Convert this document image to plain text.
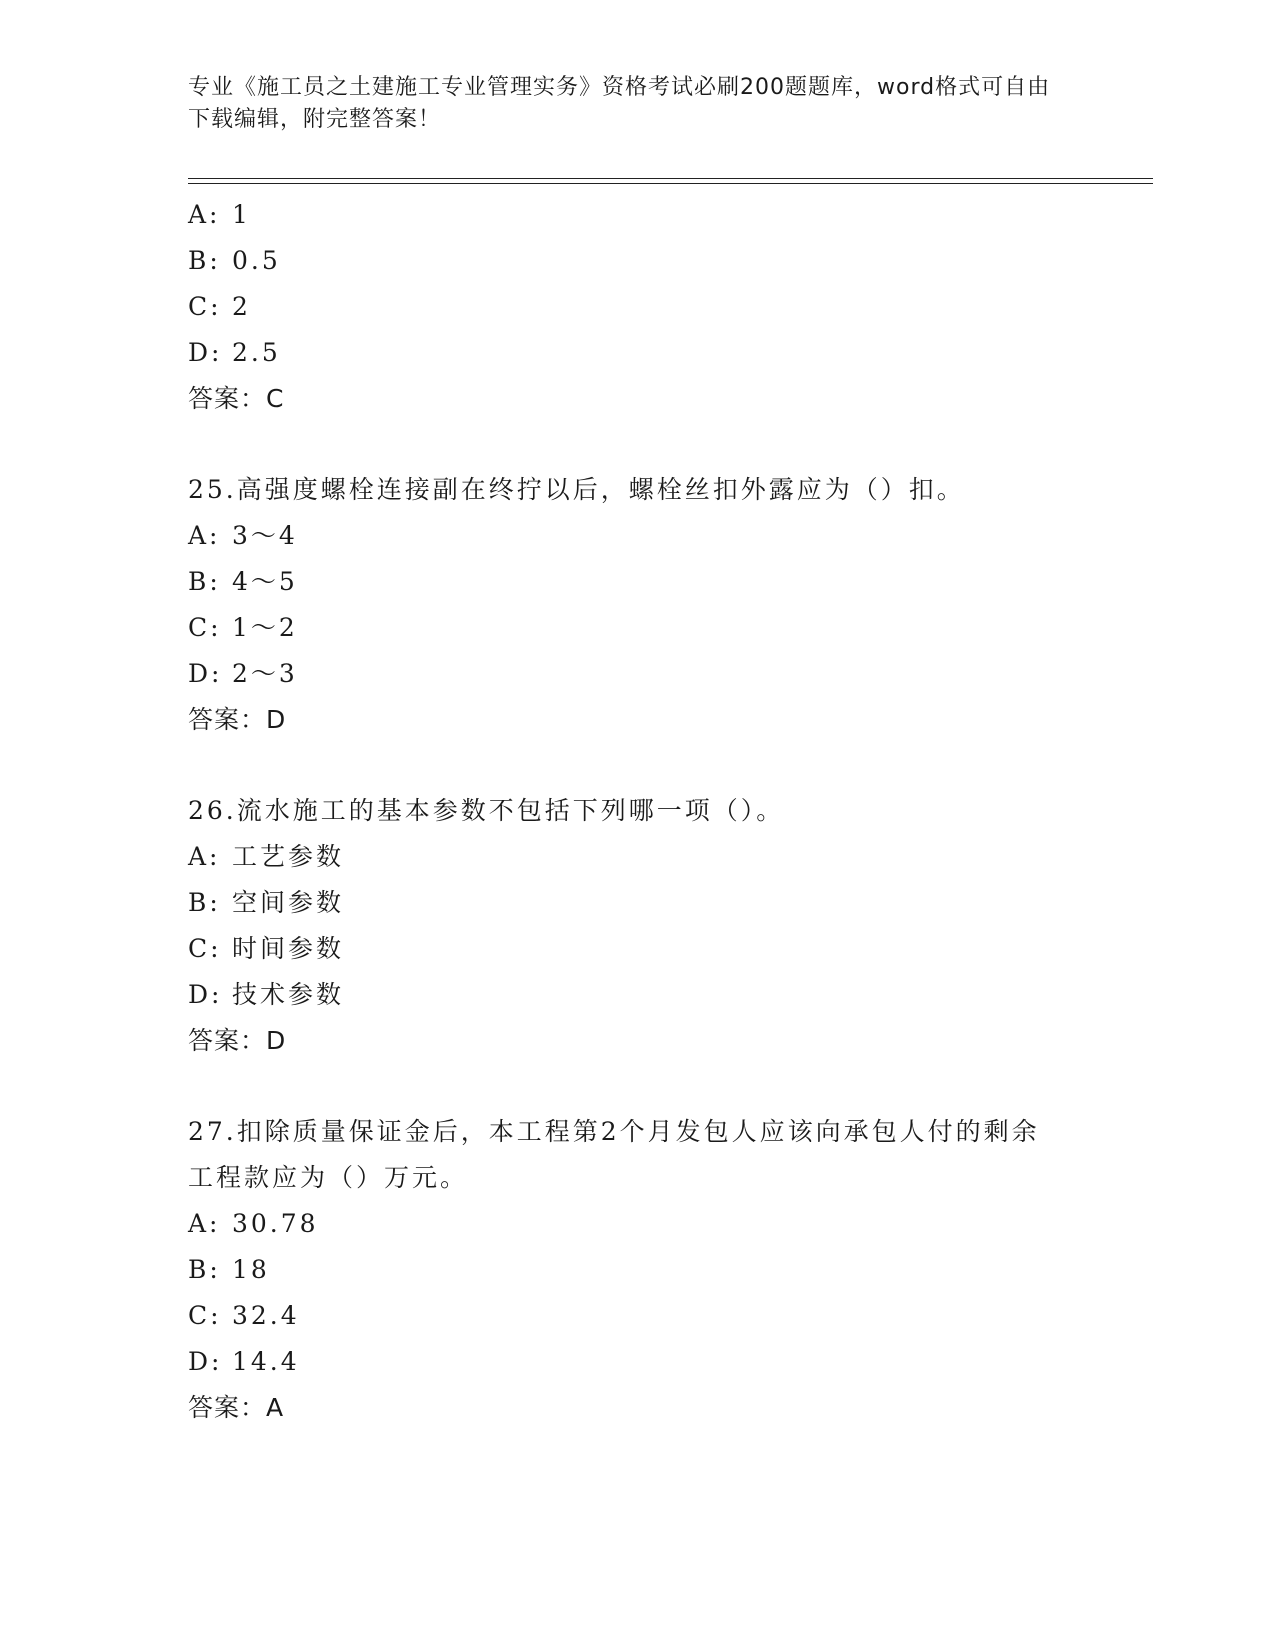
专业《施工员之土建施工专业管理实务》资格考试必刷200题题库，word格式可自由下载编辑，附完整答案！
A: 1
B: 0.5
C: 2
D: 2.5
答案：C
25.高强度螺栓连接副在终拧以后，螺栓丝扣外露应为（）扣。
A: 3～4
B: 4～5
C: 1～2
D: 2～3
答案：D
26.流水施工的基本参数不包括下列哪一项（）。
A: 工艺参数
B: 空间参数
C: 时间参数
D: 技术参数
答案：D
27.扣除质量保证金后，本工程第2个月发包人应该向承包人付的剩余
工程款应为（）万元。
A: 30.78
B: 18
C: 32.4
D: 14.4
答案：A
